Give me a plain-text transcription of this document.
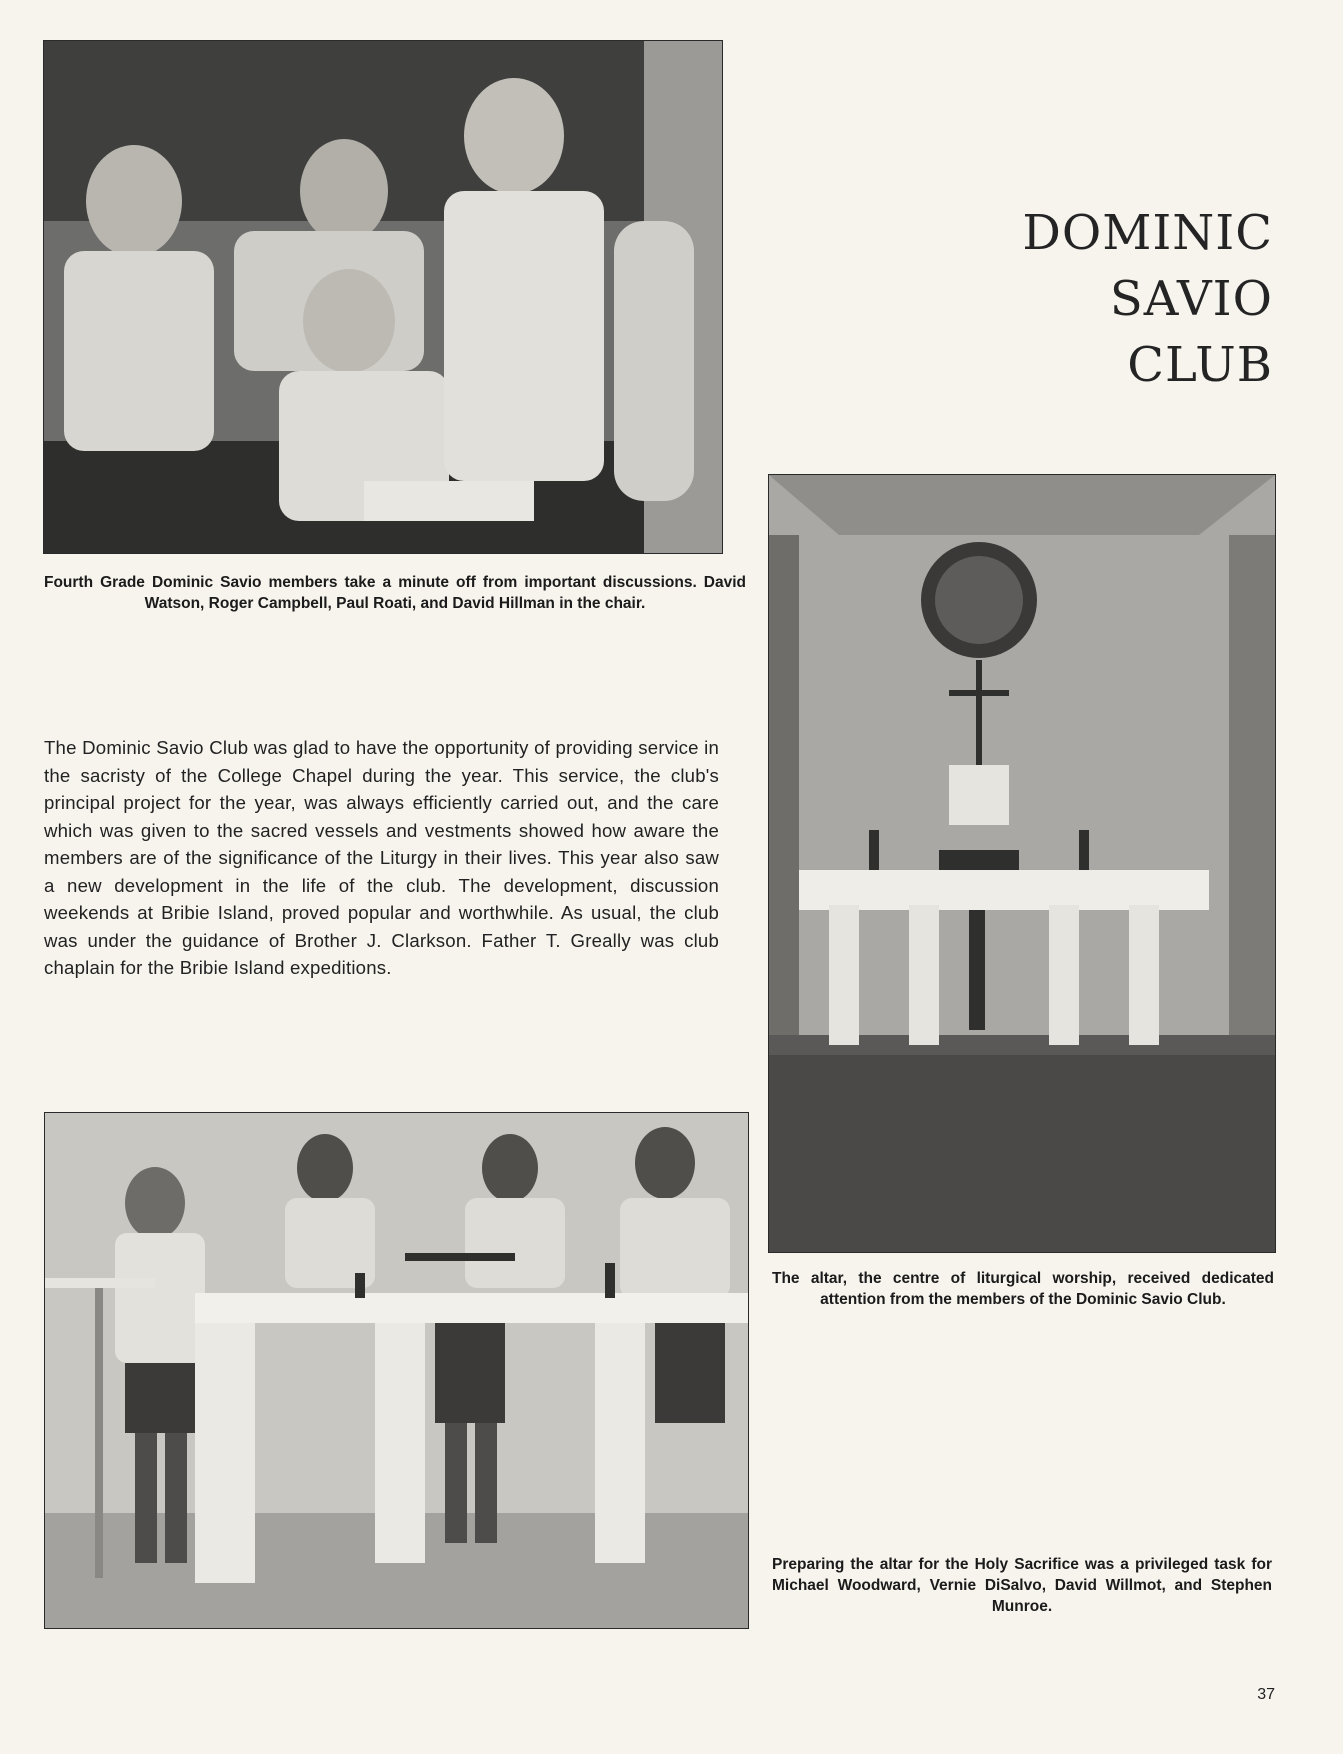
Fourth Grade Dominic Savio members take a minute off from important discussions. David Watson, Roger Campbell, Paul Roati, and David Hillman in the chair.

DOMINIC
SAVIO
CLUB

The altar, the centre of liturgical worship, received dedicated attention from the members of the Dominic Savio Club.

The Dominic Savio Club was glad to have the opportunity of providing service in the sacristy of the College Chapel during the year. This service, the club's principal project for the year, was always efficiently carried out, and the care which was given to the sacred vessels and vestments showed how aware the members are of the significance of the Liturgy in their lives. This year also saw a new development in the life of the club. The development, discussion weekends at Bribie Island, proved popular and worthwhile. As usual, the club was under the guidance of Brother J. Clarkson. Father T. Greally was club chaplain for the Bribie Island expeditions.

Preparing the altar for the Holy Sacrifice was a privileged task for Michael Woodward, Vernie DiSalvo, David Willmot, and Stephen Munroe.

37
